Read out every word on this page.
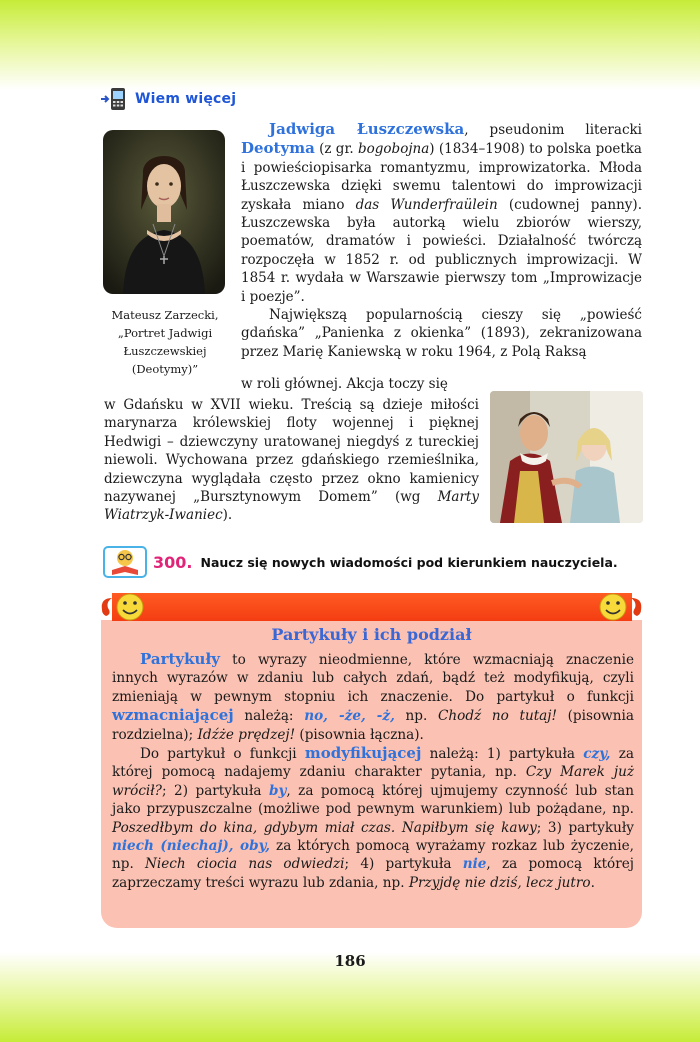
Wiem więcej
Mateusz Zarzecki,
„Portret Jadwigi
Łuszczewskiej
(Deotymy)”

Jadwiga Łuszczewska, pseudonim literacki Deotyma (z gr. bogobojna) (1834–1908) to polska poetka i powieściopisarka romantyzmu, improwizatorka. Młoda Łuszczewska dzięki swemu talentowi do improwizacji zyskała miano das Wunderfraülein (cudownej panny). Łuszczewska była autorką wielu zbiorów wierszy, poematów, dramatów i powieści. Działalność twórczą rozpoczęła w 1852 r. od publicznych improwizacji. W 1854 r. wydała w Warszawie pierwszy tom „Improwizacje i poezje”.

Największą popularnością cieszy się „powieść gdańska” „Panienka z okienka” (1893), zekranizowana przez Marię Kaniewską w roku 1964, z Polą Raksą

w roli głównej. Akcja toczy się

w Gdańsku w XVII wieku. Treścią są dzieje miłości marynarza królewskiej floty wojennej i pięknej Hedwigi – dziewczyny uratowanej niegdyś z tureckiej niewoli. Wychowana przez gdańskiego rzemieślnika, dziewczyna wyglądała często przez okno kamienicy nazywanej „Bursztynowym Domem” (wg Marty Wiatrzyk-Iwaniec).

300. Naucz się nowych wiadomości pod kierunkiem nauczyciela.
Partykuły i ich podział

Partykuły to wyrazy nieodmienne, które wzmacniają znaczenie innych wyrazów w zdaniu lub całych zdań, bądź też modyfikują, czyli zmieniają w pewnym stopniu ich znaczenie. Do partykuł o funkcji wzmacniającej należą: no, -że, -ż, np. Chodź no tutaj! (pisownia rozdzielna); Idźże prędzej! (pisownia łączna).

Do partykuł o funkcji modyfikującej należą: 1) partykuła czy, za której pomocą nadajemy zdaniu charakter pytania, np. Czy Marek już wrócił?; 2) partykuła by, za pomocą której ujmujemy czynność lub stan jako przypuszczalne (możliwe pod pewnym warunkiem) lub pożądane, np. Poszedłbym do kina, gdybym miał czas. Napiłbym się kawy; 3) partykuły niech (niechaj), oby, za których pomocą wyrażamy rozkaz lub życzenie, np. Niech ciocia nas odwiedzi; 4) partykuła nie, za pomocą której zaprzeczamy treści wyrazu lub zdania, np. Przyjdę nie dziś, lecz jutro.

186
